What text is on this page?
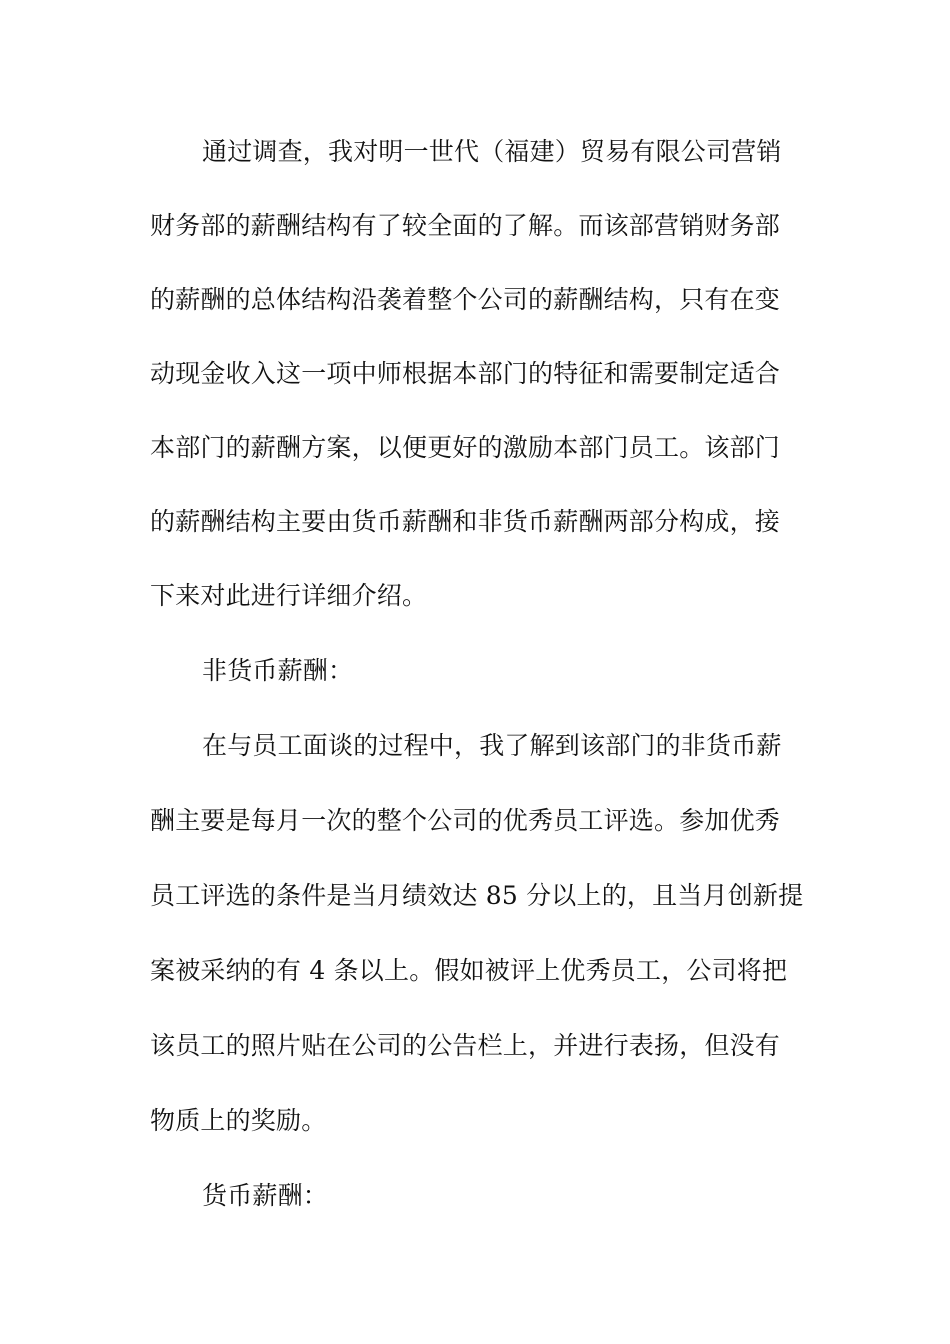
通过调查，我对明一世代（福建）贸易有限公司营销
财务部的薪酬结构有了较全面的了解。而该部营销财务部
的薪酬的总体结构沿袭着整个公司的薪酬结构，只有在变
动现金收入这一项中师根据本部门的特征和需要制定适合
本部门的薪酬方案，以便更好的激励本部门员工。该部门
的薪酬结构主要由货币薪酬和非货币薪酬两部分构成，接
下来对此进行详细介绍。
非货币薪酬：
在与员工面谈的过程中，我了解到该部门的非货币薪
酬主要是每月一次的整个公司的优秀员工评选。参加优秀
员工评选的条件是当月绩效达 85 分以上的，且当月创新提
案被采纳的有 4 条以上。假如被评上优秀员工，公司将把
该员工的照片贴在公司的公告栏上，并进行表扬，但没有
物质上的奖励。
货币薪酬：
